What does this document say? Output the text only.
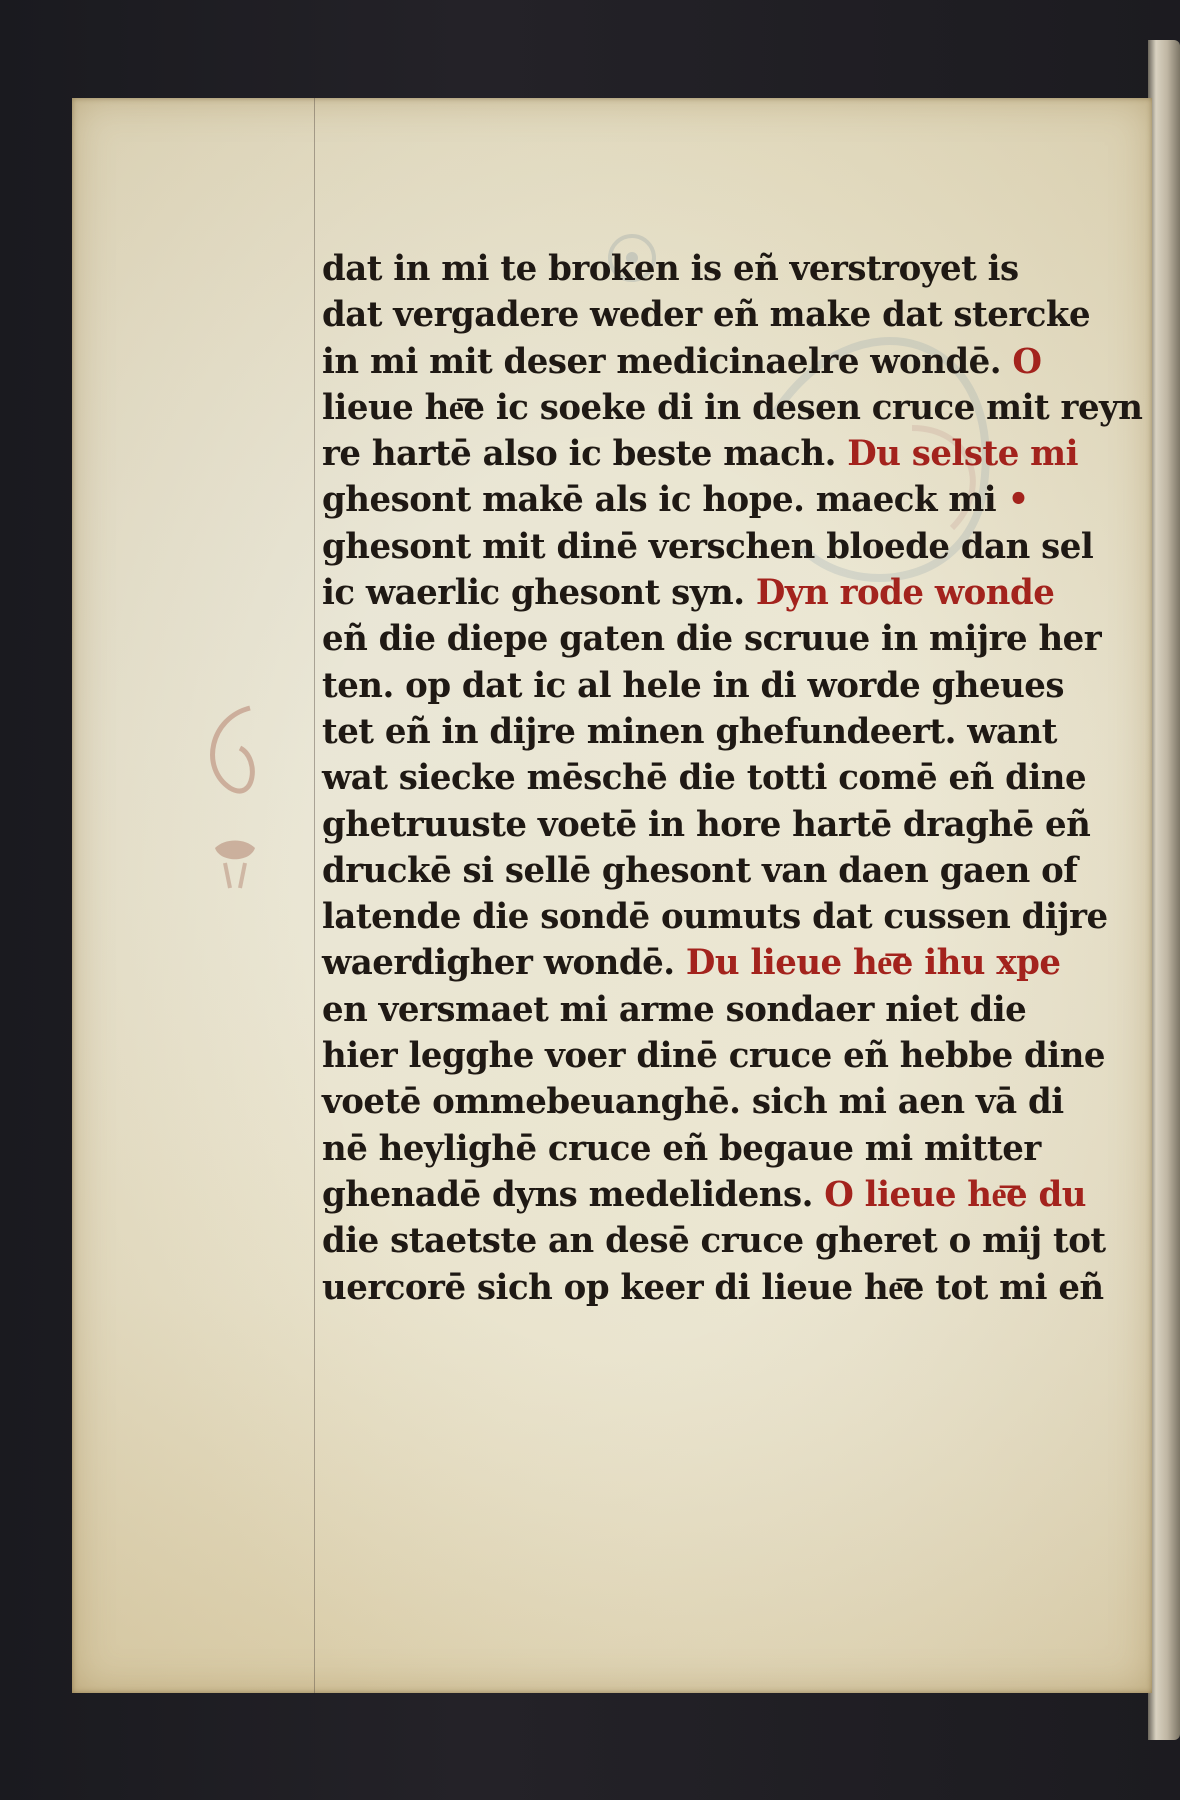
dat in mi te broken is eñ verstroyet is
dat vergadere weder eñ make dat stercke
in mi mit deser medicinaelre wondē. O
lieue he͞e ic soeke di in desen cruce mit reyn
re hartē also ic beste mach. Du selste mi
ghesont makē als ic hope. maeck mi •
ghesont mit dinē verschen bloede dan sel
ic waerlic ghesont syn. Dyn rode wonde
eñ die diepe gaten die scruue in mijre her
ten. op dat ic al hele in di worde gheues
tet eñ in dijre minen ghefundeert. want
wat siecke mēschē die totti comē eñ dine
ghetruuste voetē in hore hartē draghē eñ
druckē si sellē ghesont van daen gaen of
latende die sondē oumuts dat cussen dijre
waerdigher wondē. Du lieue he͞e ihu xpe
en versmaet mi arme sondaer niet die
hier legghe voer dinē cruce eñ hebbe dine
voetē ommebeuanghē. sich mi aen vā di
nē heylighē cruce eñ begaue mi mitter
ghenadē dyns medelidens. O lieue he͞e du
die staetste an desē cruce gheret o mij tot
uercorē sich op keer di lieue he͞e tot mi eñ
